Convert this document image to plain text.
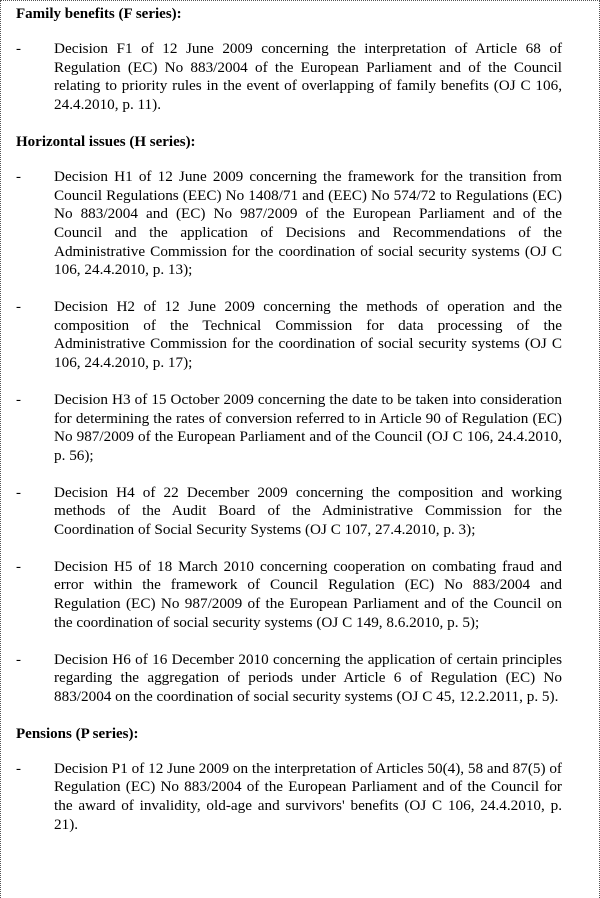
Family benefits (F series):
- Decision F1 of 12 June 2009 concerning the interpretation of Article 68 of Regulation (EC) No 883/2004 of the European Parliament and of the Council relating to priority rules in the event of overlapping of family benefits (OJ C 106, 24.4.2010, p. 11).
Horizontal issues (H series):
- Decision H1 of 12 June 2009 concerning the framework for the transition from Council Regulations (EEC) No 1408/71 and (EEC) No 574/72 to Regulations (EC) No 883/2004 and (EC) No 987/2009 of the European Parliament and of the Council and the application of Decisions and Recommendations of the Administrative Commission for the coordination of social security systems (OJ C 106, 24.4.2010, p. 13);
- Decision H2 of 12 June 2009 concerning the methods of operation and the composition of the Technical Commission for data processing of the Administrative Commission for the coordination of social security systems (OJ C 106, 24.4.2010, p. 17);
- Decision H3 of 15 October 2009 concerning the date to be taken into consideration for determining the rates of conversion referred to in Article 90 of Regulation (EC) No 987/2009 of the European Parliament and of the Council (OJ C 106, 24.4.2010, p. 56);
- Decision H4 of 22 December 2009 concerning the composition and working methods of the Audit Board of the Administrative Commission for the Coordination of Social Security Systems (OJ C 107, 27.4.2010, p. 3);
- Decision H5 of 18 March 2010 concerning cooperation on combating fraud and error within the framework of Council Regulation (EC) No 883/2004 and Regulation (EC) No 987/2009 of the European Parliament and of the Council on the coordination of social security systems (OJ C 149, 8.6.2010, p. 5);
- Decision H6 of 16 December 2010 concerning the application of certain principles regarding the aggregation of periods under Article 6 of Regulation (EC) No 883/2004 on the coordination of social security systems (OJ C 45, 12.2.2011, p. 5).
Pensions (P series):
- Decision P1 of 12 June 2009 on the interpretation of Articles 50(4), 58 and 87(5) of Regulation (EC) No 883/2004 of the European Parliament and of the Council for the award of invalidity, old-age and survivors' benefits (OJ C 106, 24.4.2010, p. 21).
